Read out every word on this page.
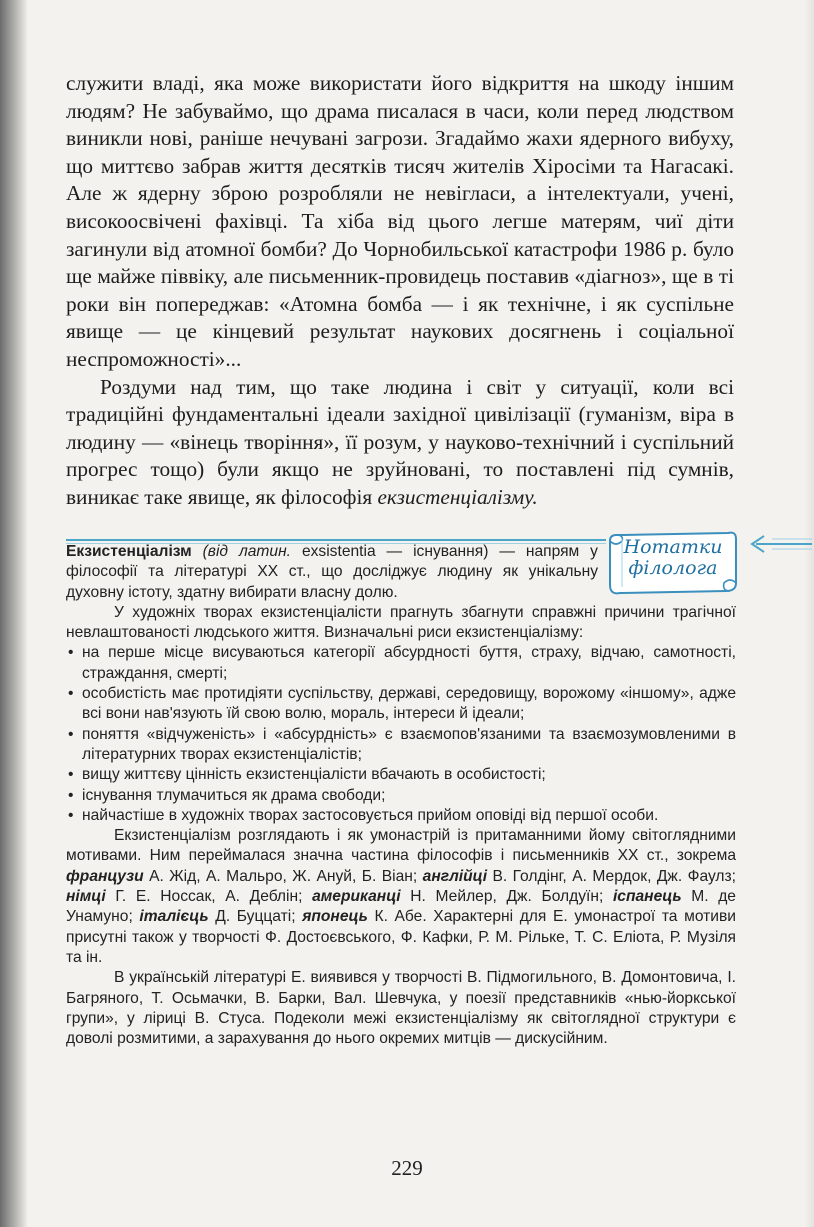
служити владі, яка може використати його відкриття на шкоду іншим людям? Не забуваймо, що драма писалася в часи, коли перед людством виникли нові, раніше нечувані загрози. Згадаймо жахи ядерного вибуху, що миттєво забрав життя десятків тисяч жителів Хіросіми та Нагасакі. Але ж ядерну зброю розробляли не невігласи, а інтелектуали, учені, високоосвічені фахівці. Та хіба від цього легше матерям, чиї діти загинули від атомної бомби? До Чорнобильської катастрофи 1986 р. було ще майже піввіку, але письменник-провидець поставив «діагноз», ще в ті роки він попереджав: «Атомна бомба — і як технічне, і як суспільне явище — це кінцевий результат наукових досягнень і соціальної неспроможності»...

Роздуми над тим, що таке людина і світ у ситуації, коли всі традиційні фундаментальні ідеали західної цивілізації (гуманізм, віра в людину — «вінець творіння», її розум, у науково-технічний і суспільний прогрес тощо) були якщо не зруйновані, то поставлені під сумнів, виникає таке явище, як філософія екзистенціалізму.

Нотатки
філолога

Екзистенціалізм (від латин. exsistentia — існування) — напрям у філософії та літературі ХХ ст., що досліджує людину як унікальну духовну істоту, здатну вибирати власну долю.

У художніх творах екзистенціалісти прагнуть збагнути справжні причини трагічної невлаштованості людського життя. Визначальні риси екзистенціалізму:

• на перше місце висуваються категорії абсурдності буття, страху, відчаю, самотності, страждання, смерті;
• особистість має протидіяти суспільству, державі, середовищу, ворожому «іншому», адже всі вони нав'язують їй свою волю, мораль, інтереси й ідеали;
• поняття «відчуженість» і «абсурдність» є взаємопов'язаними та взаємозумовленими в літературних творах екзистенціалістів;
• вищу життєву цінність екзистенціалісти вбачають в особистості;
• існування тлумачиться як драма свободи;
• найчастіше в художніх творах застосовується прийом оповіді від першої особи.

Екзистенціалізм розглядають і як умонастрій із притаманними йому світоглядними мотивами. Ним переймалася значна частина філософів і письменників ХХ ст., зокрема французи А. Жід, А. Мальро, Ж. Ануй, Б. Віан; англійці В. Голдінг, А. Мердок, Дж. Фаулз; німці Г. Е. Носсак, А. Деблін; американці Н. Мейлер, Дж. Болдуїн; іспанець М. де Унамуно; італієць Д. Буццаті; японець К. Абе. Характерні для Е. умонастрої та мотиви присутні також у творчості Ф. Достоєвського, Ф. Кафки, Р. М. Рільке, Т. С. Еліота, Р. Музіля та ін.

В українській літературі Е. виявився у творчості В. Підмогильного, В. Домонтовича, І. Багряного, Т. Осьмачки, В. Барки, Вал. Шевчука, у поезії представників «нью-йоркської групи», у ліриці В. Стуса. Подеколи межі екзистенціалізму як світоглядної структури є доволі розмитими, а зарахування до нього окремих митців — дискусійним.

229
